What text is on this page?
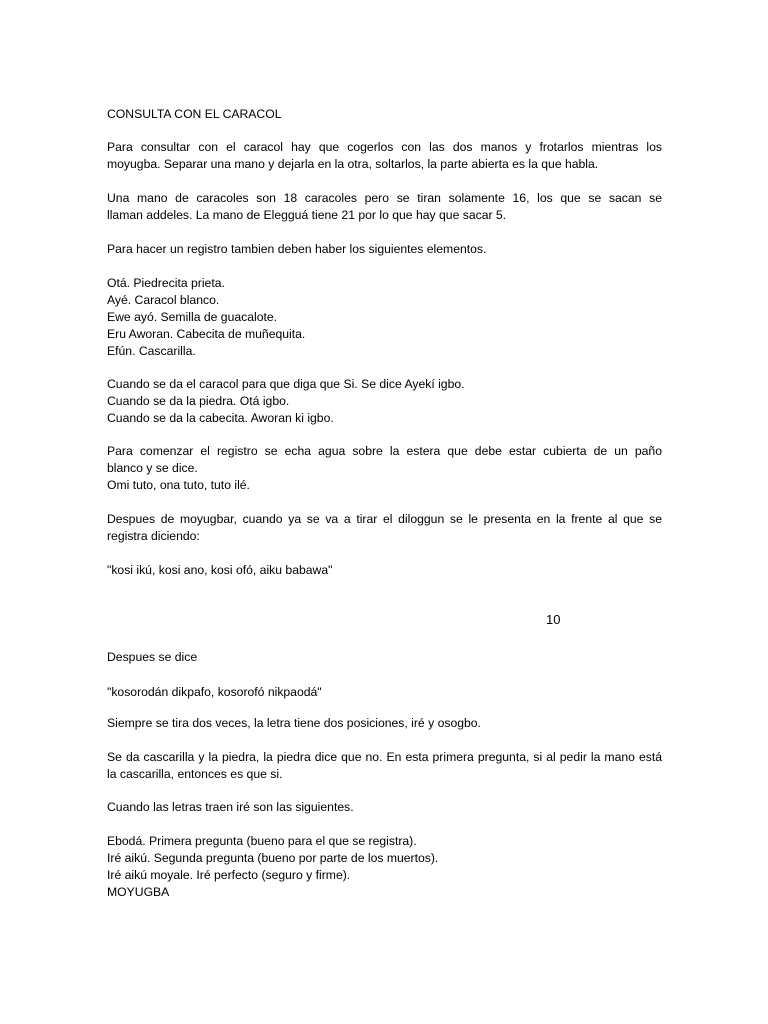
CONSULTA CON EL CARACOL

Para consultar con el caracol hay que cogerlos con las dos manos y frotarlos mientras los
moyugba. Separar una mano y dejarla en la otra, soltarlos, la parte abierta es la que habla.

Una mano de caracoles son 18 caracoles pero se tiran solamente 16, los que se sacan se
llaman addeles. La mano de Elegguá tiene 21 por lo que hay que sacar 5.

Para hacer un registro tambien deben haber los siguientes elementos.

Otá. Piedrecita prieta.
Ayé. Caracol blanco.
Ewe ayó. Semilla de guacalote.
Eru Aworan. Cabecita de muñequita.
Efún. Cascarilla.

Cuando se da el caracol para que diga que Si. Se dice Ayekí igbo.
Cuando se da la piedra. Otá igbo.
Cuando se da la cabecita. Aworan ki igbo.

Para comenzar el registro se echa agua sobre la estera que debe estar cubierta de un paño
blanco y se dice.
Omi tuto, ona tuto, tuto ilé.

Despues de moyugbar, cuando ya se va a tirar el diloggun se le presenta en la frente al que se
registra diciendo:

"kosi ikú, kosi ano, kosi ofó, aiku babawa"

10

Despues se dice

"kosorodán dikpafo, kosorofó nikpaodá"

Siempre se tira dos veces, la letra tiene dos posiciones, iré y osogbo.

Se da cascarilla y la piedra, la piedra dice que no. En esta primera pregunta, si al pedir la mano está
la cascarilla, entonces es que si.

Cuando las letras traen iré son las siguientes.

Ebodá. Primera pregunta (bueno para el que se registra).
Iré aikú. Segunda pregunta (bueno por parte de los muertos).
Iré aikú moyale. Iré perfecto (seguro y firme).
MOYUGBA
